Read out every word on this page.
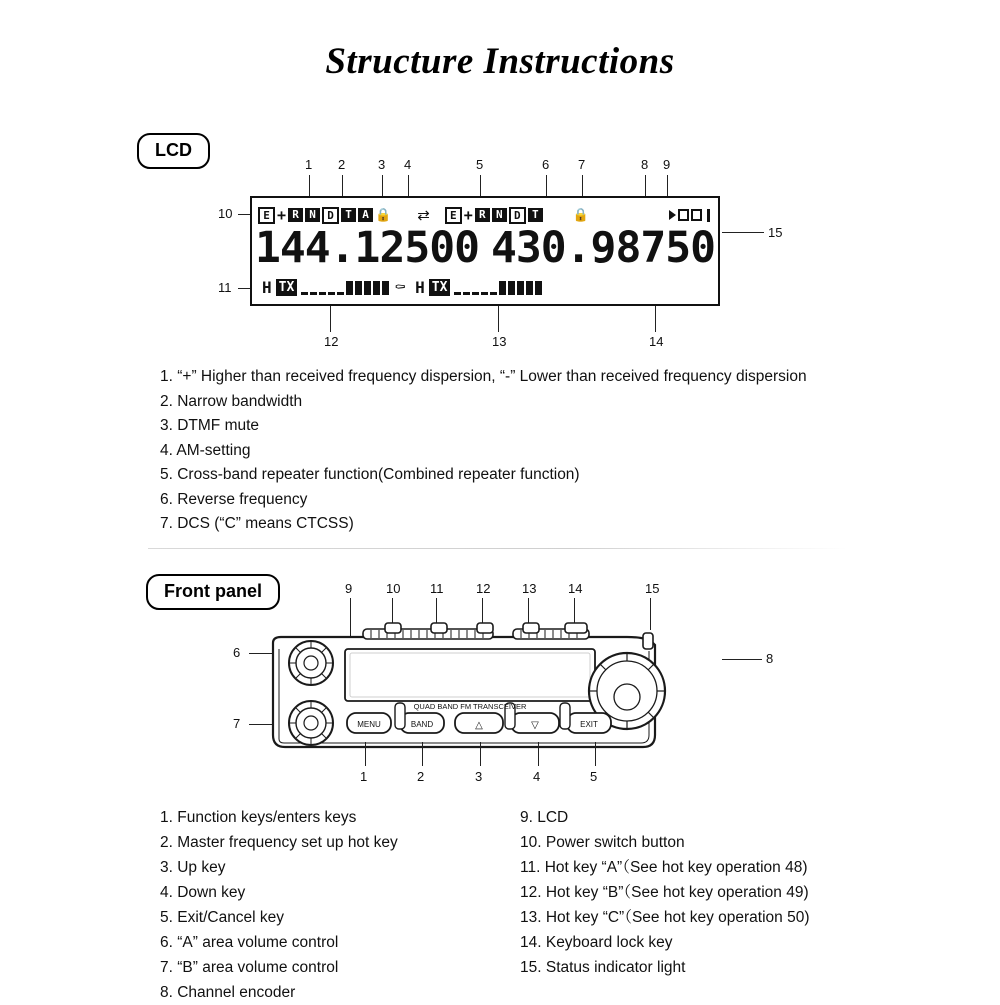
Structure Instructions
LCD
1 2	3 4	5	6 7	8 9
10
11
15
E + R N	D	T A 🔒 ⇄	E + R N	D	T	🔒
144.12500 430.98750
H TX	⚰ H TX
12	13	14
1. “+” Higher than received frequency dispersion, “-” Lower than received frequency dispersion
2. Narrow bandwidth
3. DTMF mute
4. AM-setting
5. Cross-band repeater function(Combined repeater function)
6. Reverse frequency
7. DCS (“C” means CTCSS)
Front panel	9	10 11	12 13 14	15
6
7
8
MENU	BAND	△	▽	EXIT
QUAD BAND FM TRANSCEIVER
1	2	3	4	5
1. Function keys/enters keys
2. Master frequency set up hot key
3. Up key
4. Down key
5. Exit/Cancel key
6. “A” area volume control
7. “B” area volume control
8. Channel encoder
9. LCD
10. Power switch button
11. Hot key “A”（See hot key operation 48)
12. Hot key “B”（See hot key operation 49)
13. Hot key “C”（See hot key operation 50)
14. Keyboard lock key
15. Status indicator light
